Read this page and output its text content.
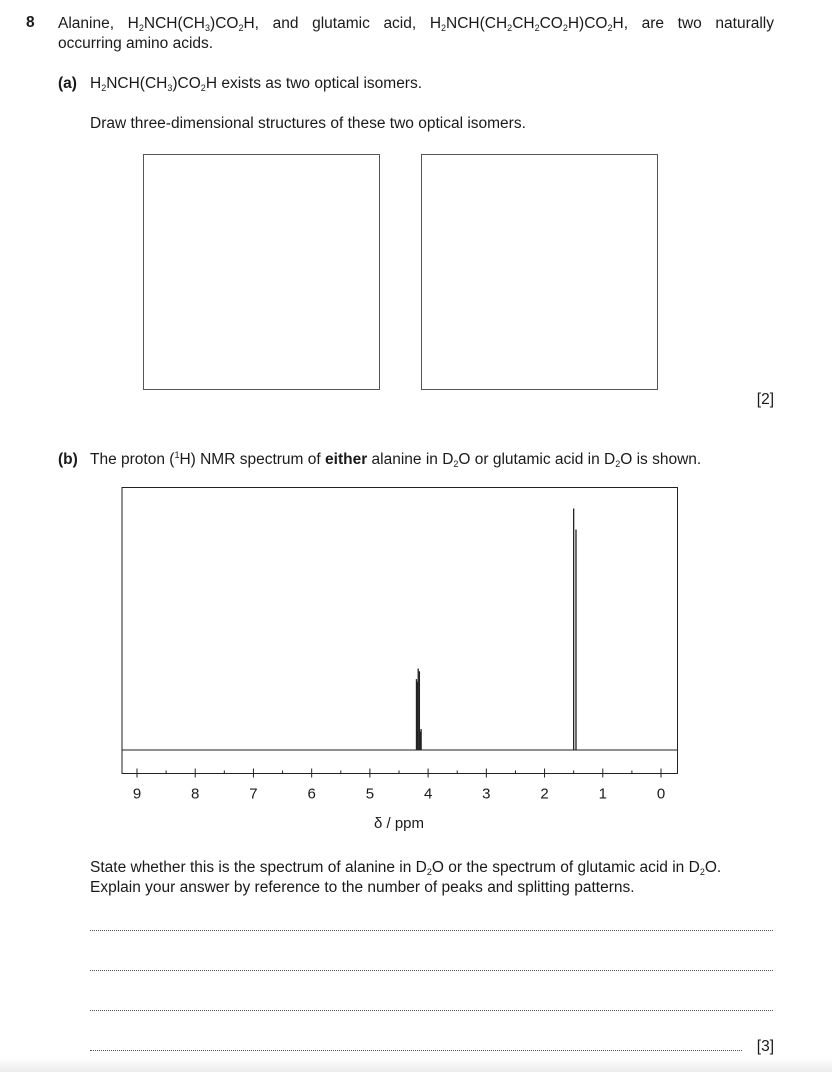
8 Alanine, $H_2NCH(CH_3)CO_2H$, and glutamic acid, $H_2NCH(CH_2CH_2CO_2H)CO_2H$, are two naturally
occurring amino acids.
(a) $H_2NCH(CH_3)CO_2H$ exists as two optical isomers.
Draw three-dimensional structures of these two optical isomers.
[2]
(b) The proton ($^1$H) NMR spectrum of either alanine in $D_2O$ or glutamic acid in $D_2O$ is shown.
9	8	7	6	5	4	3	2	1	0
δ / ppm
State whether this is the spectrum of alanine in $D_2O$ or the spectrum of glutamic acid in $D_2O$.
Explain your answer by reference to the number of peaks and splitting patterns.
[3]
